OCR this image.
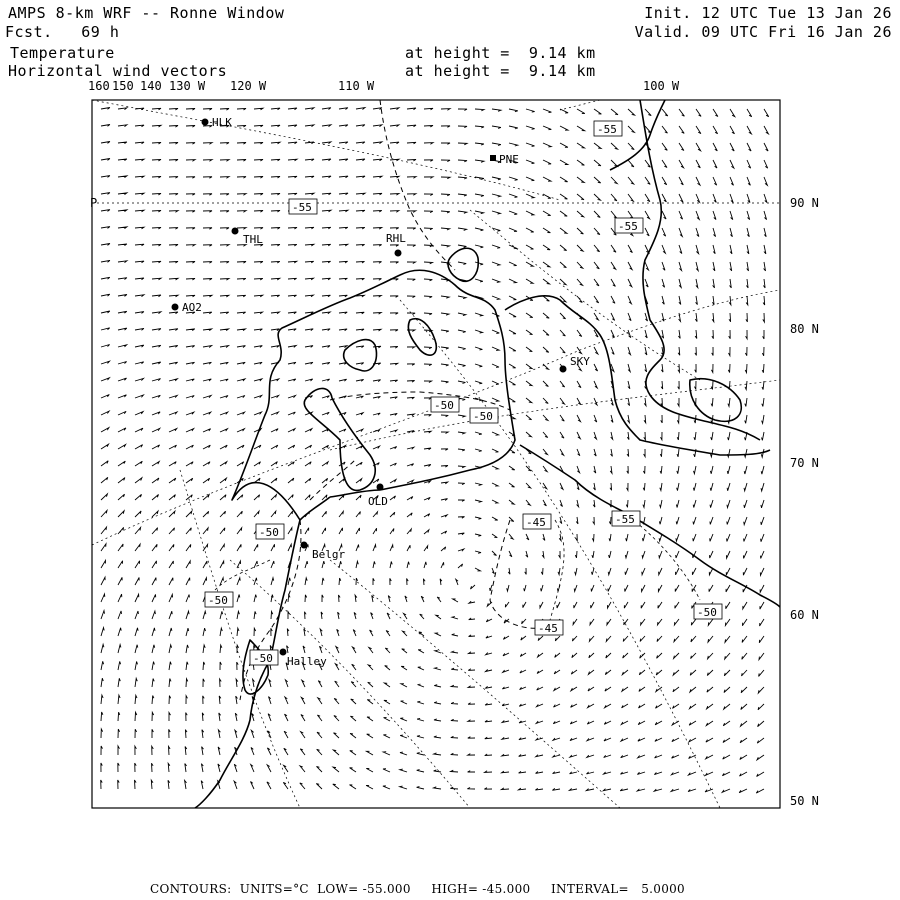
AMPS 8-km WRF -- Ronne Window
Fcst.   69 h
Temperature
Horizontal wind vectors
at height =  9.14 km
at height =  9.14 km
Init. 12 UTC Tue 13 Jan 26
Valid. 09 UTC Fri 16 Jan 26
160 150 140 130 W 120 W	110 W	100 W
90 N
80 N
70 N
60 N
50 N
P
HLK
PNE
THL	RHL
AO2
SKY
OLD
Belgr
Halley
-55
-55
-55
-50
-50
-50
-45	-55
-50
-45
-50
-50
CONTOURS:  UNITS=°C  LOW= -55.000     HIGH= -45.000     INTERVAL=   5.0000
